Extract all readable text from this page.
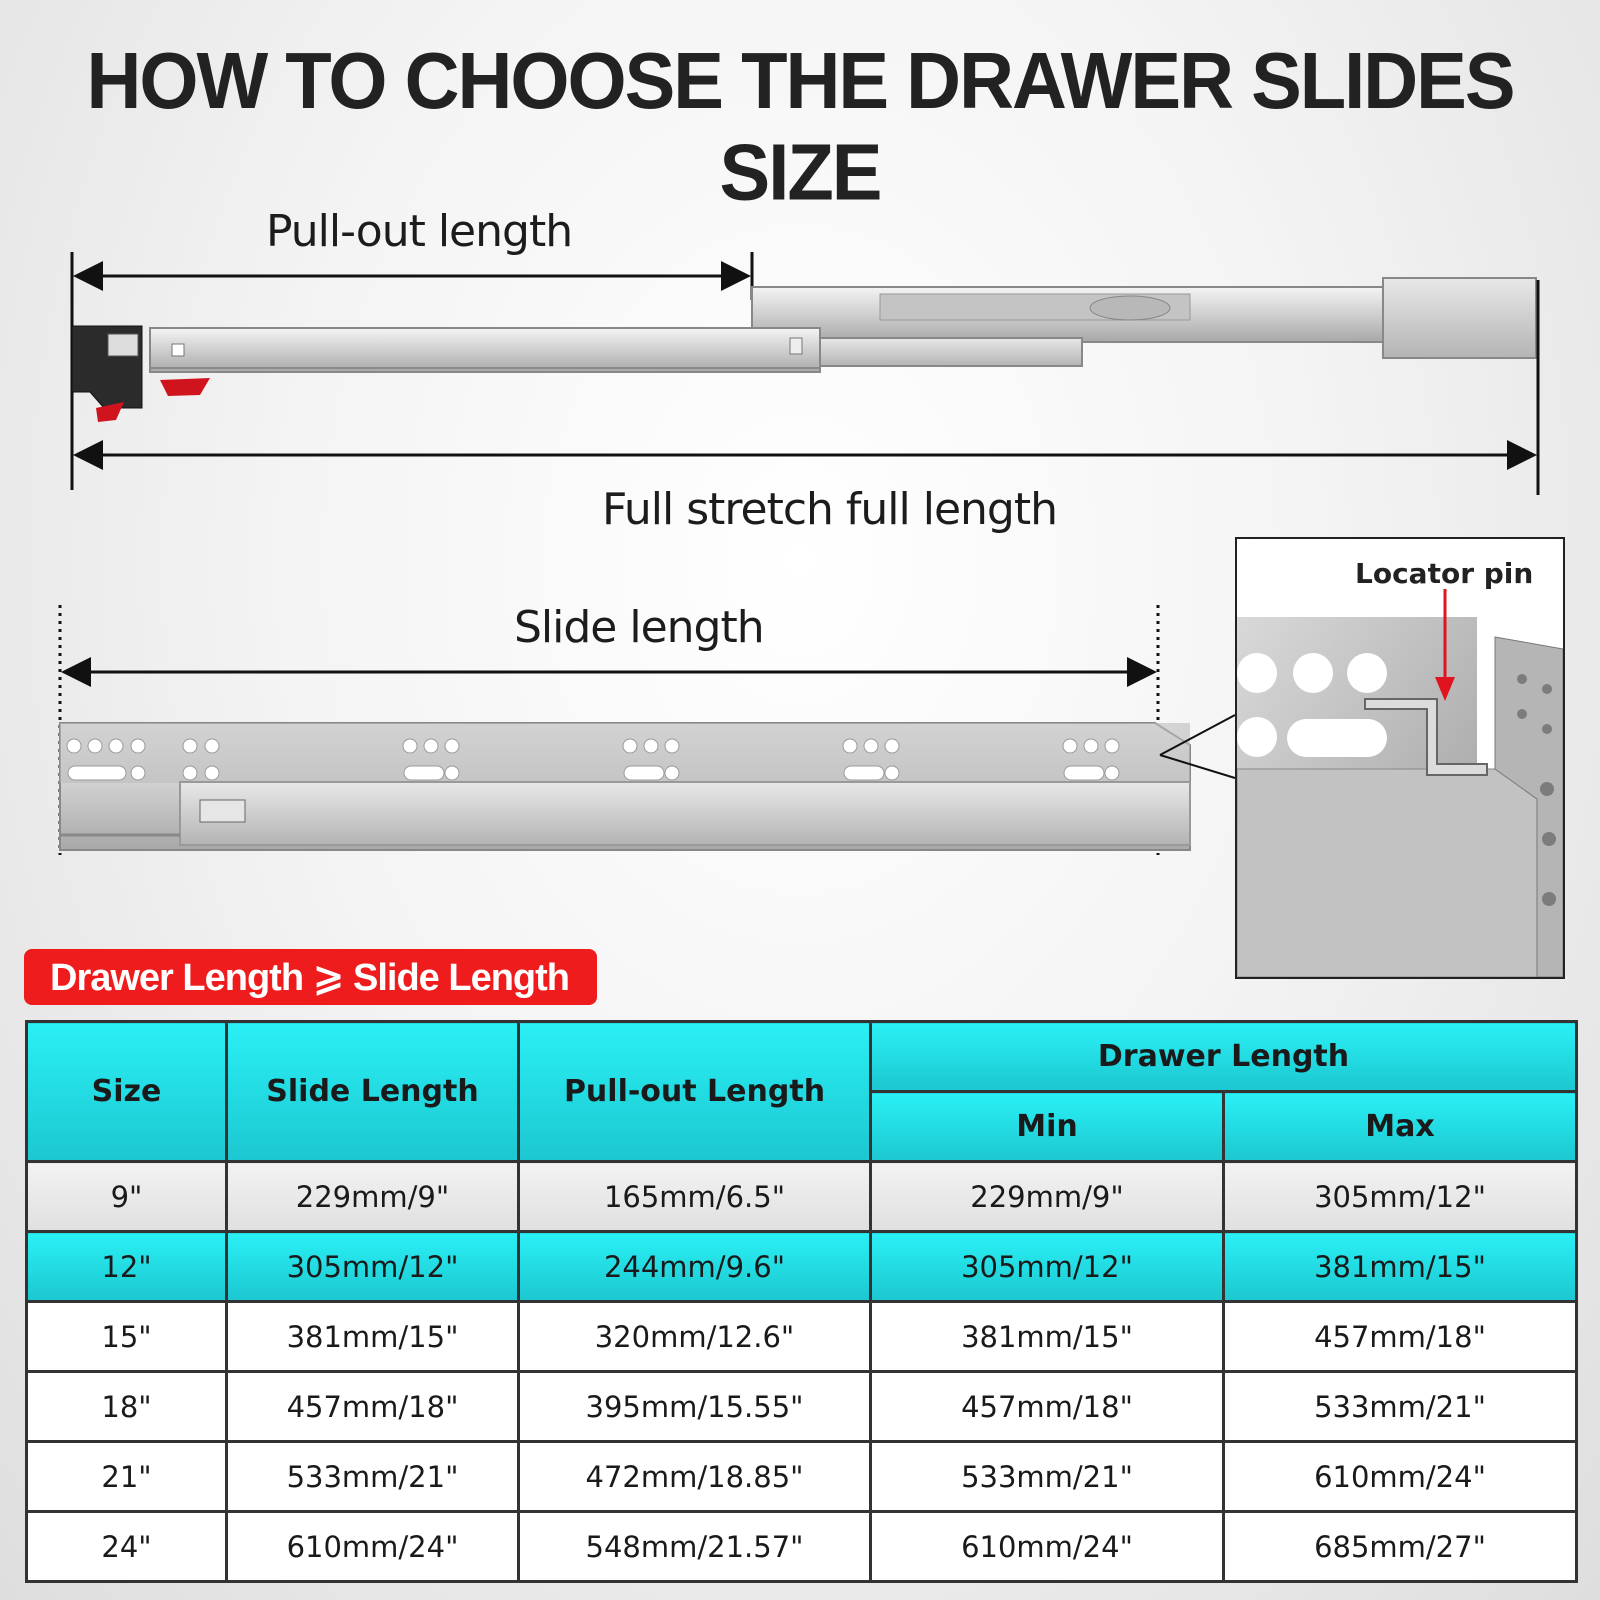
HOW TO CHOOSE THE DRAWER SLIDES SIZE
Pull-out length
Full stretch full length
Slide length
Locator pin
Drawer Length ⩾ Slide Length
Size	Slide Length	Pull-out Length	Drawer Length	
			Min	Max
9"	229mm/9"	165mm/6.5"	229mm/9"	305mm/12"
12"	305mm/12"	244mm/9.6"	305mm/12"	381mm/15"
15"	381mm/15"	320mm/12.6"	381mm/15"	457mm/18"
18"	457mm/18"	395mm/15.55"	457mm/18"	533mm/21"
21"	533mm/21"	472mm/18.85"	533mm/21"	610mm/24"
24"	610mm/24"	548mm/21.57"	610mm/24"	685mm/27"
